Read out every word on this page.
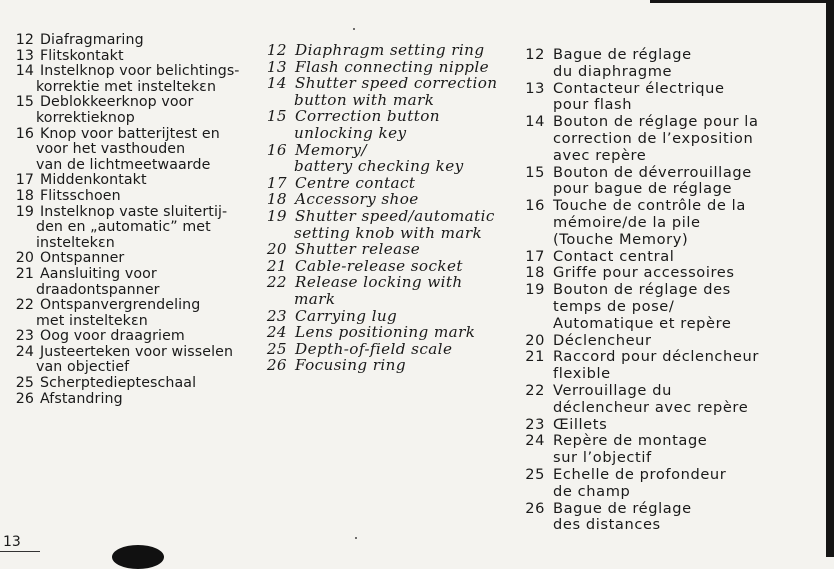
12 Diafragmaring
13 Flitskontakt
14 Instelknop voor belichtings-
korrektie met insteltekεn
15 Deblokkeerknop voor
korrektieknop
16 Knop voor batterijtest en
voor het vasthouden
van de lichtmeetwaarde
17 Middenkontakt
18 Flitsschoen
19 Instelknop vaste sluitertij-
den en „automatic” met
insteltekεn
20 Ontspanner
21 Aansluiting voor
draadontspanner
22 Ontspanvergrendeling
met insteltekεn
23 Oog voor draagriem
24 Justeerteken voor wisselen
van objectief
25 Scherptediepteschaal
26 Afstandring
12 Diaphragm setting ring
13 Flash connecting nipple
14 Shutter speed correction
button with mark
15 Correction button
unlocking key
16 Memory/
battery checking key
17 Centre contact
18 Accessory shoe
19 Shutter speed/automatic
setting knob with mark
20 Shutter release
21 Cable-release socket
22 Release locking with
mark
23 Carrying lug
24 Lens positioning mark
25 Depth-of-field scale
26 Focusing ring
12 Bague de réglage
du diaphragme
13 Contacteur électrique
pour flash
14 Bouton de réglage pour la
correction de l’exposition
avec repère
15 Bouton de déverrouillage
pour bague de réglage
16 Touche de contrôle de la
mémoire/de la pile
(Touche Memory)
17 Contact central
18 Griffe pour accessoires
19 Bouton de réglage des
temps de pose/
Automatique et repère
20 Déclencheur
21 Raccord pour déclencheur
flexible
22 Verrouillage du
déclencheur avec repère
23 Œillets
24 Repère de montage
sur l’objectif
25 Echelle de profondeur
de champ
26 Bague de réglage
des distances
13
